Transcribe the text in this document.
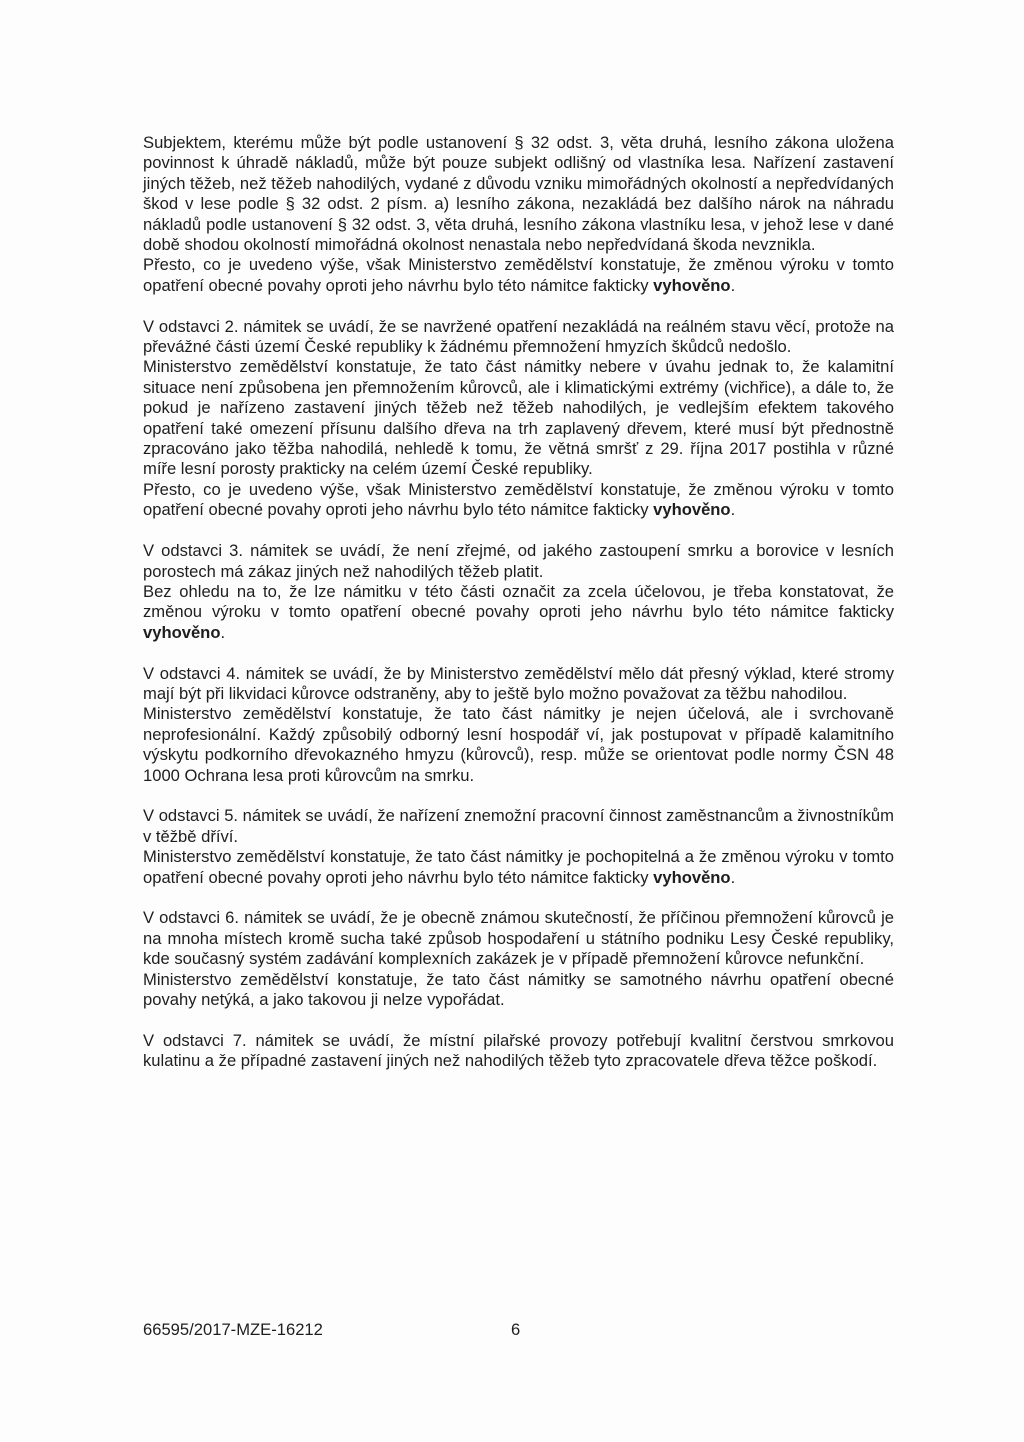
Subjektem, kterému může být podle ustanovení § 32 odst. 3, věta druhá, lesního zákona uložena povinnost k úhradě nákladů, může být pouze subjekt odlišný od vlastníka lesa. Nařízení zastavení jiných těžeb, než těžeb nahodilých, vydané z důvodu vzniku mimořádných okolností a nepředvídaných škod v lese podle § 32 odst. 2 písm. a) lesního zákona, nezakládá bez dalšího nárok na náhradu nákladů podle ustanovení § 32 odst. 3, věta druhá, lesního zákona vlastníku lesa, v jehož lese v dané době shodou okolností mimořádná okolnost nenastala nebo nepředvídaná škoda nevznikla.

Přesto, co je uvedeno výše, však Ministerstvo zemědělství konstatuje, že změnou výroku v tomto opatření obecné povahy oproti jeho návrhu bylo této námitce fakticky vyhověno.

V odstavci 2. námitek se uvádí, že se navržené opatření nezakládá na reálném stavu věcí, protože na převážné části území České republiky k žádnému přemnožení hmyzích škůdců nedošlo.

Ministerstvo zemědělství konstatuje, že tato část námitky nebere v úvahu jednak to, že kalamitní situace není způsobena jen přemnožením kůrovců, ale i klimatickými extrémy (vichřice), a dále to, že pokud je nařízeno zastavení jiných těžeb než těžeb nahodilých, je vedlejším efektem takového opatření také omezení přísunu dalšího dřeva na trh zaplavený dřevem, které musí být přednostně zpracováno jako těžba nahodilá, nehledě k tomu, že větná smršť z 29. října 2017 postihla v různé míře lesní porosty prakticky na celém území České republiky.

Přesto, co je uvedeno výše, však Ministerstvo zemědělství konstatuje, že změnou výroku v tomto opatření obecné povahy oproti jeho návrhu bylo této námitce fakticky vyhověno.

V odstavci 3. námitek se uvádí, že není zřejmé, od jakého zastoupení smrku a borovice v lesních porostech má zákaz jiných než nahodilých těžeb platit.

Bez ohledu na to, že lze námitku v této části označit za zcela účelovou, je třeba konstatovat, že změnou výroku v tomto opatření obecné povahy oproti jeho návrhu bylo této námitce fakticky vyhověno.

V odstavci 4. námitek se uvádí, že by Ministerstvo zemědělství mělo dát přesný výklad, které stromy mají být při likvidaci kůrovce odstraněny, aby to ještě bylo možno považovat za těžbu nahodilou.

Ministerstvo zemědělství konstatuje, že tato část námitky je nejen účelová, ale i svrchovaně neprofesionální. Každý způsobilý odborný lesní hospodář ví, jak postupovat v případě kalamitního výskytu podkorního dřevokazného hmyzu (kůrovců), resp. může se orientovat podle normy ČSN 48 1000 Ochrana lesa proti kůrovcům na smrku.

V odstavci 5. námitek se uvádí, že nařízení znemožní pracovní činnost zaměstnancům a živnostníkům v těžbě dříví.

Ministerstvo zemědělství konstatuje, že tato část námitky je pochopitelná a že změnou výroku v tomto opatření obecné povahy oproti jeho návrhu bylo této námitce fakticky vyhověno.

V odstavci 6. námitek se uvádí, že je obecně známou skutečností, že příčinou přemnožení kůrovců je na mnoha místech kromě sucha také způsob hospodaření u státního podniku Lesy České republiky, kde současný systém zadávání komplexních zakázek je v případě přemnožení kůrovce nefunkční.

Ministerstvo zemědělství konstatuje, že tato část námitky se samotného návrhu opatření obecné povahy netýká, a jako takovou ji nelze vypořádat.

V odstavci 7. námitek se uvádí, že místní pilařské provozy potřebují kvalitní čerstvou smrkovou kulatinu a že případné zastavení jiných než nahodilých těžeb tyto zpracovatele dřeva těžce poškodí.

66595/2017-MZE-16212	6
